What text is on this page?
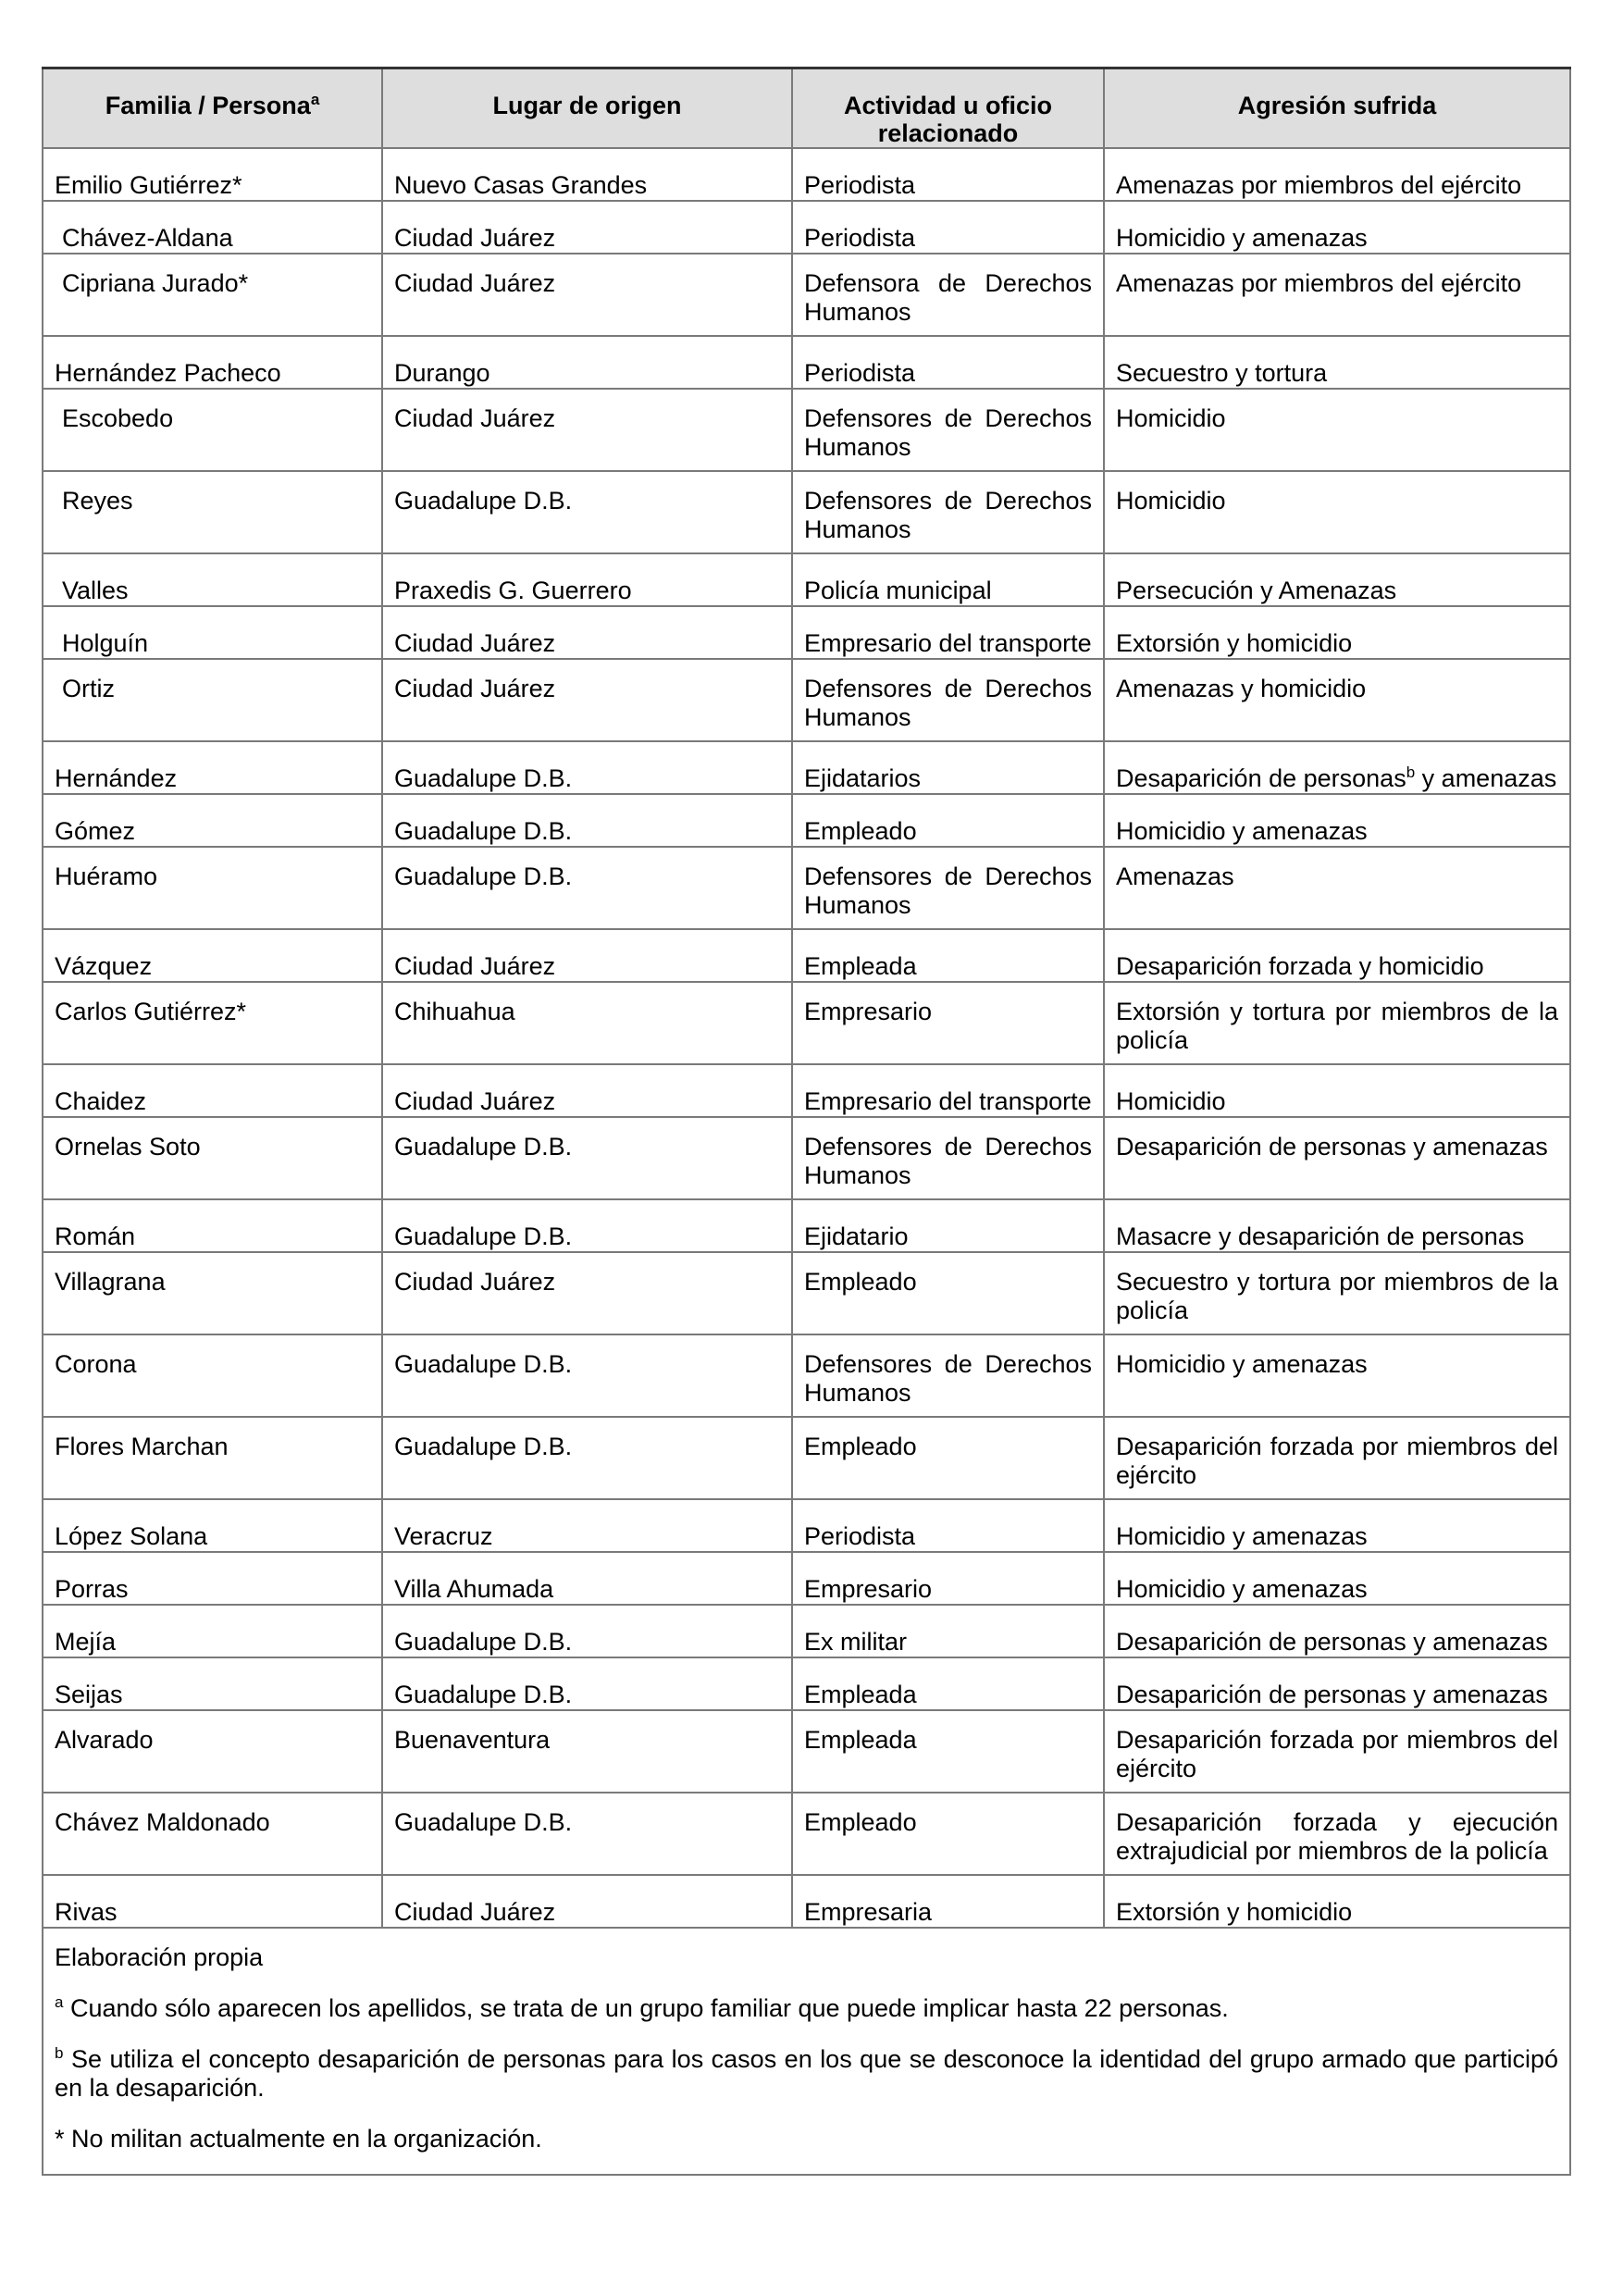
Familia / Persona$^a$	Lugar de origen	Actividad u oficio relacionado	Agresión sufrida
Emilio Gutiérrez*	Nuevo Casas Grandes	Periodista	Amenazas por miembros del ejército
Chávez-Aldana	Ciudad Juárez	Periodista	Homicidio y amenazas
Cipriana Jurado*	Ciudad Juárez	Defensora de Derechos Humanos	Amenazas por miembros del ejército
Hernández Pacheco	Durango	Periodista	Secuestro y tortura
Escobedo	Ciudad Juárez	Defensores de Derechos Humanos	Homicidio
Reyes	Guadalupe D.B.	Defensores de Derechos Humanos	Homicidio
Valles	Praxedis G. Guerrero	Policía municipal	Persecución y Amenazas
Holguín	Ciudad Juárez	Empresario del transporte	Extorsión y homicidio
Ortiz	Ciudad Juárez	Defensores de Derechos Humanos	Amenazas y homicidio
Hernández	Guadalupe D.B.	Ejidatarios	Desaparición de personas$^b$ y amenazas
Gómez	Guadalupe D.B.	Empleado	Homicidio y amenazas
Huéramo	Guadalupe D.B.	Defensores de Derechos Humanos	Amenazas
Vázquez	Ciudad Juárez	Empleada	Desaparición forzada y homicidio
Carlos Gutiérrez*	Chihuahua	Empresario	Extorsión y tortura por miembros de la policía
Chaidez	Ciudad Juárez	Empresario del transporte	Homicidio
Ornelas Soto	Guadalupe D.B.	Defensores de Derechos Humanos	Desaparición de personas y amenazas
Román	Guadalupe D.B.	Ejidatario	Masacre y desaparición de personas
Villagrana	Ciudad Juárez	Empleado	Secuestro y tortura por miembros de la policía
Corona	Guadalupe D.B.	Defensores de Derechos Humanos	Homicidio y amenazas
Flores Marchan	Guadalupe D.B.	Empleado	Desaparición forzada por miembros del ejército
López Solana	Veracruz	Periodista	Homicidio y amenazas
Porras	Villa Ahumada	Empresario	Homicidio y amenazas
Mejía	Guadalupe D.B.	Ex militar	Desaparición de personas y amenazas
Seijas	Guadalupe D.B.	Empleada	Desaparición de personas y amenazas
Alvarado	Buenaventura	Empleada	Desaparición forzada por miembros del ejército
Chávez Maldonado	Guadalupe D.B.	Empleado	Desaparición forzada y ejecución extrajudicial por miembros de la policía
Rivas	Ciudad Juárez	Empresaria	Extorsión y homicidio

Elaboración propia

$^a$ Cuando sólo aparecen los apellidos, se trata de un grupo familiar que puede implicar hasta 22 personas.

$^b$ Se utiliza el concepto desaparición de personas para los casos en los que se desconoce la identidad del grupo armado que participó en la desaparición.

* No militan actualmente en la organización.			
